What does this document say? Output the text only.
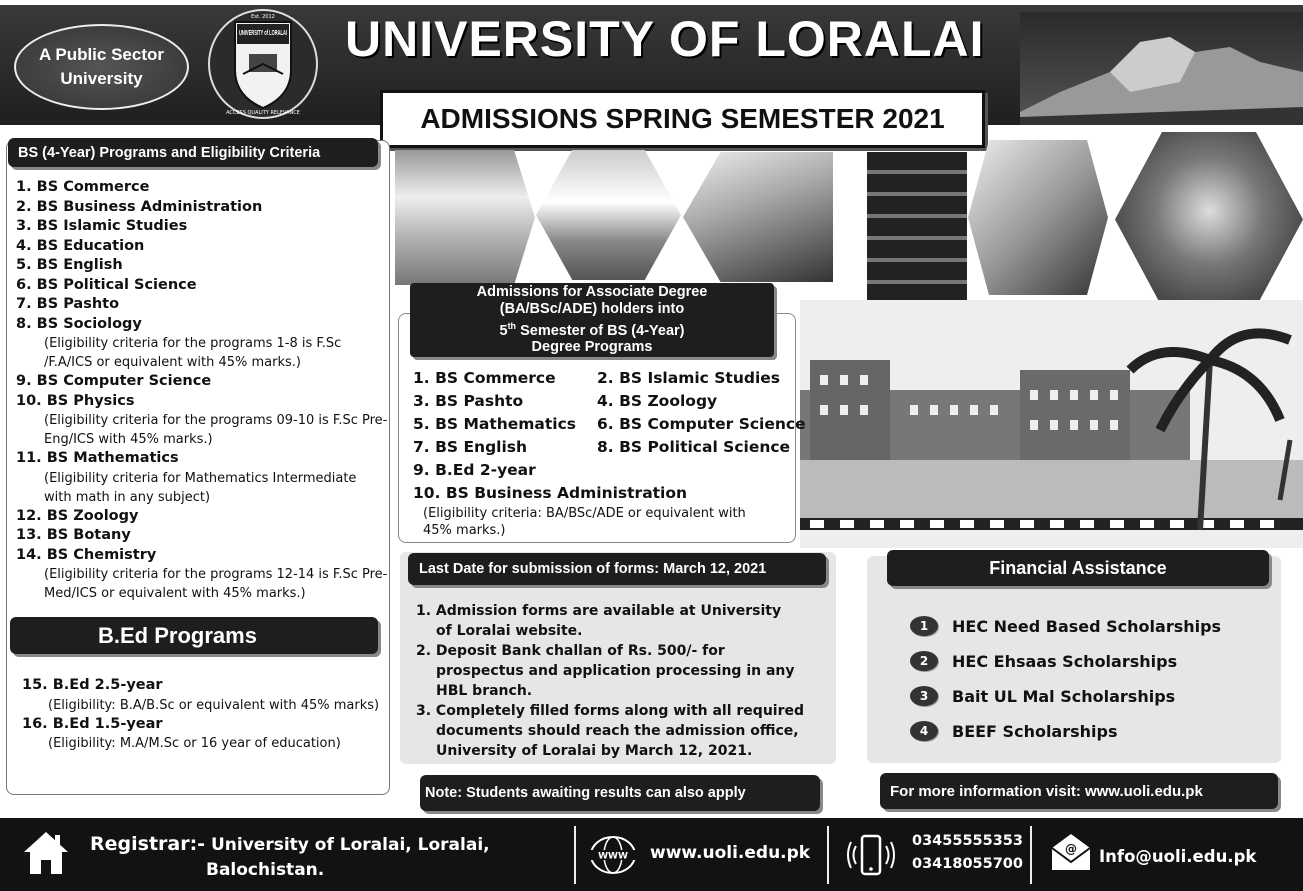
A Public Sector University
Est. 2012
UNIVERSITY of LORALAI
ACCESS QUALITY RELEVANCE
UNIVERSITY OF LORALAI
ADMISSIONS SPRING SEMESTER 2021
BS (4-Year) Programs and Eligibility Criteria
1. BS Commerce
2. BS Business Administration
3. BS Islamic Studies
4. BS Education
5. BS English
6. BS Political Science
7. BS Pashto
8. BS Sociology
(Eligibility criteria for the programs 1-8 is F.Sc /F.A/ICS or equivalent with 45% marks.)
9. BS Computer Science
10. BS Physics
(Eligibility criteria for the programs 09-10 is F.Sc Pre-Eng/ICS with 45% marks.)
11. BS Mathematics
(Eligibility criteria for Mathematics Intermediate with math in any subject)
12. BS Zoology
13. BS Botany
14. BS Chemistry
(Eligibility criteria for the programs 12-14 is F.Sc Pre-Med/ICS or equivalent with 45% marks.)
B.Ed Programs
15. B.Ed 2.5-year
(Eligibility: B.A/B.Sc or equivalent with 45% marks)
16. B.Ed 1.5-year
(Eligibility: M.A/M.Sc or 16 year of education)
Admissions for Associate Degree
(BA/BSc/ADE) holders into
5th Semester of BS (4-Year)
Degree Programs
1. BS Commerce	2. BS Islamic Studies
3. BS Pashto	4. BS Zoology
5. BS Mathematics	6. BS Computer Science
7. BS English	8. BS Political Science
9. B.Ed 2-year
10. BS Business Administration
(Eligibility criteria: BA/BSc/ADE or equivalent with 45% marks.)
Last Date for submission of forms: March 12, 2021
1. Admission forms are available at University of Loralai website.
2. Deposit Bank challan of Rs. 500/- for prospectus and application processing in any HBL branch.
3. Completely filled forms along with all required documents should reach the admission office, University of Loralai by March 12, 2021.
Financial Assistance
1	HEC Need Based Scholarships
2	HEC Ehsaas Scholarships
3	Bait UL Mal Scholarships
4	BEEF Scholarships
Note: Students awaiting results can also apply	For more information visit: www.uoli.edu.pk
Registrar:- University of Loralai, Loralai,
Balochistan.
WWW www.uoli.edu.pk
03455555353
03418055700
@ Info@uoli.edu.pk
